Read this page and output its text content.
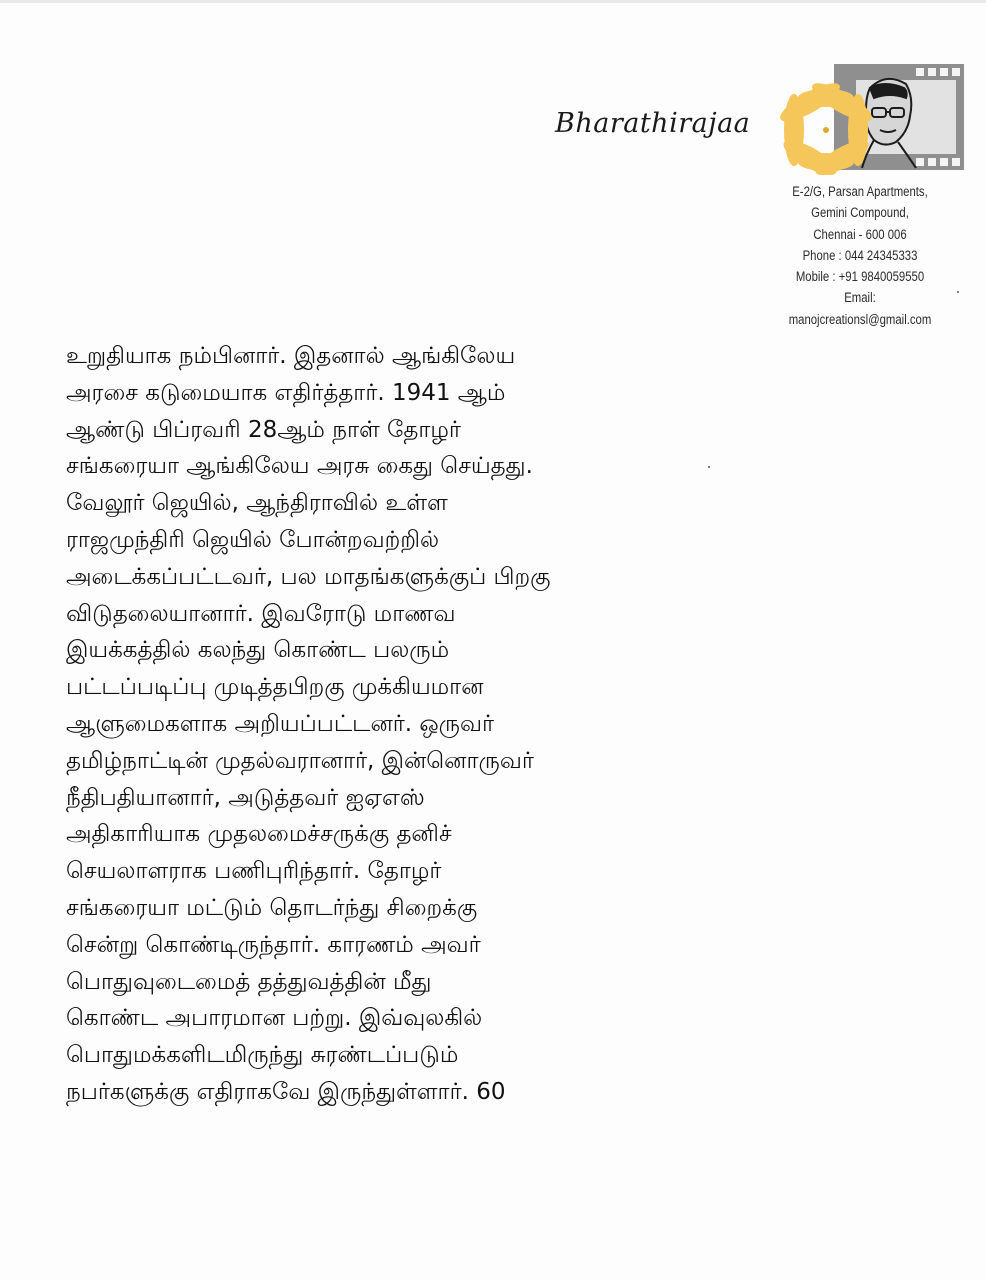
Bharathirajaa
E-2/G, Parsan Apartments,
Gemini Compound,
Chennai - 600 006
Phone : 044 24345333
Mobile : +91 9840059550
Email:
manojcreationsl@gmail.com
உறுதியாக நம்பினார். இதனால் ஆங்கிலேய
அரசை கடுமையாக எதிர்த்தார். 1941 ஆம்
ஆண்டு பிப்ரவரி 28ஆம் நாள் தோழர்
சங்கரையா ஆங்கிலேய அரசு கைது செய்தது.
வேலூர் ஜெயில், ஆந்திராவில் உள்ள
ராஜமுந்திரி ஜெயில் போன்றவற்றில்
அடைக்கப்பட்டவர், பல மாதங்களுக்குப் பிறகு
விடுதலையானார். இவரோடு மாணவ
இயக்கத்தில் கலந்து கொண்ட பலரும்
பட்டப்படிப்பு முடித்தபிறகு முக்கியமான
ஆளுமைகளாக அறியப்பட்டனர். ஒருவர்
தமிழ்நாட்டின் முதல்வரானார், இன்னொருவர்
நீதிபதியானார், அடுத்தவர் ஐஏஎஸ்
அதிகாரியாக முதலமைச்சருக்கு தனிச்
செயலாளராக பணிபுரிந்தார். தோழர்
சங்கரையா மட்டும் தொடர்ந்து சிறைக்கு
சென்று கொண்டிருந்தார். காரணம் அவர்
பொதுவுடைமைத் தத்துவத்தின் மீது
கொண்ட அபாரமான பற்று. இவ்வுலகில்
பொதுமக்களிடமிருந்து சுரண்டப்படும்
நபர்களுக்கு எதிராகவே இருந்துள்ளார். 60
